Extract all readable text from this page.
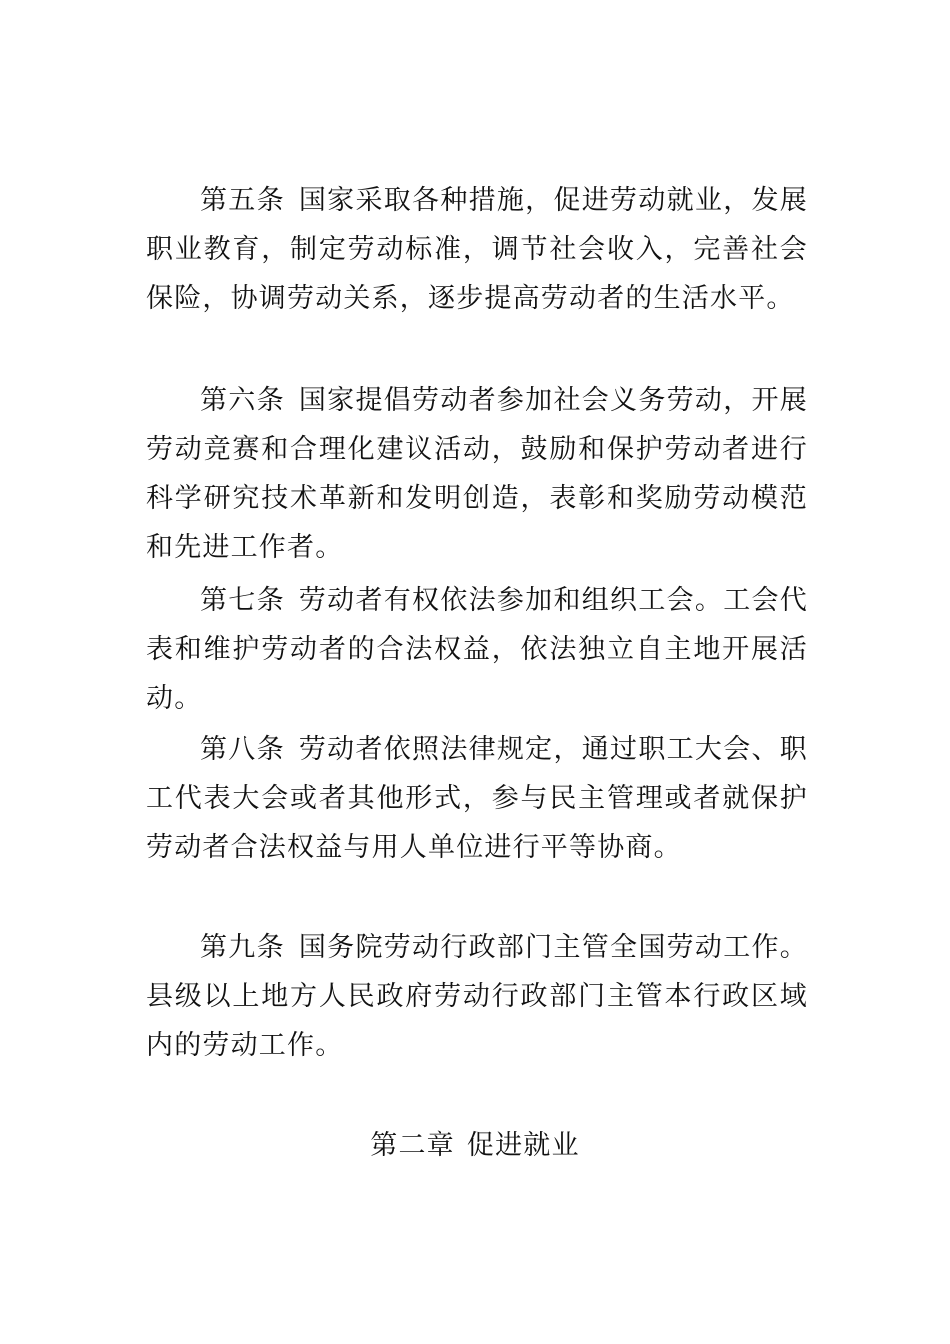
第五条 国家采取各种措施，促进劳动就业，发展职业教育，制定劳动标准，调节社会收入，完善社会保险，协调劳动关系，逐步提高劳动者的生活水平。

第六条 国家提倡劳动者参加社会义务劳动，开展劳动竞赛和合理化建议活动，鼓励和保护劳动者进行科学研究技术革新和发明创造，表彰和奖励劳动模范和先进工作者。

第七条 劳动者有权依法参加和组织工会。工会代表和维护劳动者的合法权益，依法独立自主地开展活动。

第八条 劳动者依照法律规定，通过职工大会、职工代表大会或者其他形式，参与民主管理或者就保护劳动者合法权益与用人单位进行平等协商。

第九条 国务院劳动行政部门主管全国劳动工作。县级以上地方人民政府劳动行政部门主管本行政区域内的劳动工作。

第二章 促进就业
